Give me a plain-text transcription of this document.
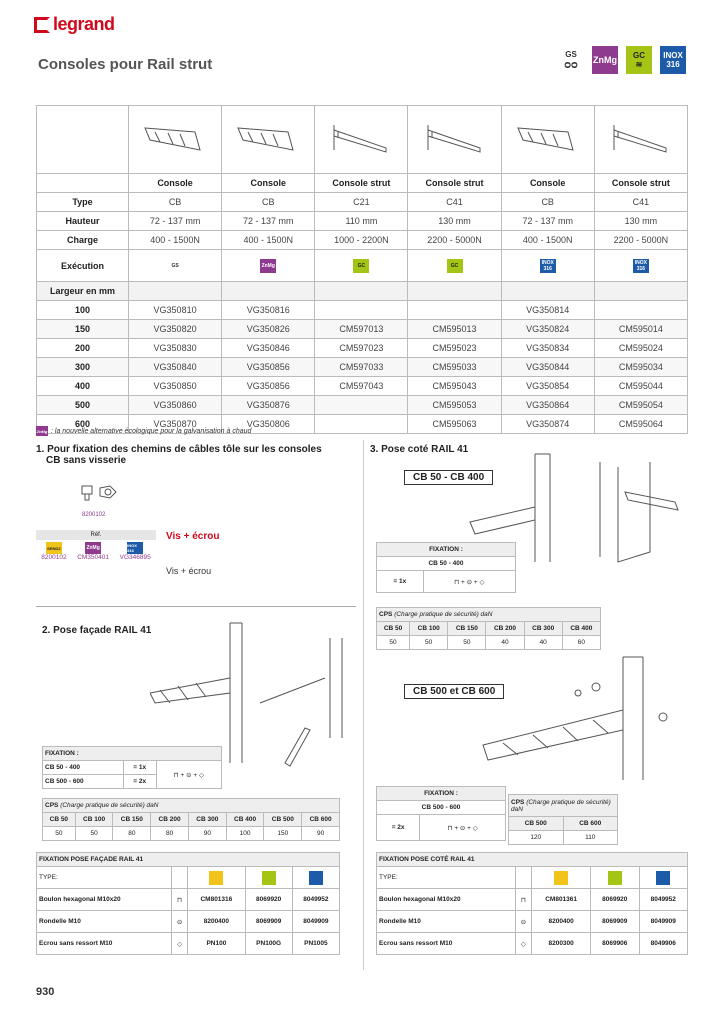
legrand
Consoles pour Rail strut
GS
ᴑᴑ ZnMg GC
≋
INOX
316

	Console	Console	Console strut	Console strut	Console	Console strut
Type	CB	CB	C21	C41	CB	C41
Hauteur	72 - 137 mm	72 - 137 mm	110 mm	130 mm	72 - 137 mm	130 mm
Charge	400 - 1500N	400 - 1500N	1000 - 2200N	2200 - 5000N	400 - 1500N	2200 - 5000N
Exécution	GS	ZnMg	GC	GC	INOX 316	INOX 316

Largeur en mm						
100	VG350810	VG350816			VG350814	
150	VG350820	VG350826	CM597013	CM595013	VG350824	CM595014
200	VG350830	VG350846	CM597023	CM595023	VG350834	CM595024
300	VG350840	VG350856	CM597033	CM595033	VG350844	CM595034
400	VG350850	VG350856	CM597043	CM595043	VG350854	CM595044
500	VG350860	VG350876		CM595053	VG350864	CM595054
600	VG350870	VG350806		CM595063	VG350874	CM595064
ZnMg : la nouvelle alternative écologique pour la galvanisation à chaud
1. Pour fixation des chemins de câbles tôle sur les consoles
CB sans visserie
8200102
Réf.
SENDZ
8200102
ZnMg
CM350401
INOX 316
VG346895
Vis + écrou
Vis + écrou
2. Pose façade RAIL 41
FIXATION :		
CB 50 - 400	= 1x	⊓ + ⊝ + ◇
CB 500 - 600	= 2x	
CPS (Charge pratique de sécurité) daN							
CB 50	CB 100	CB 150	CB 200	CB 300	CB 400	CB 500	CB 600
50	50	80	80	90	100	150	90
FIXATION POSE FAÇADE RAIL 41				
TYPE:		

Boulon hexagonal M10x20	⊓	CM801316	8069920	8049952
Rondelle M10	⊝	8200400	8069909	8049909
Ecrou sans ressort M10	◇	PN100	PN100G	PN1005
3. Pose coté RAIL 41
CB 50 - CB 400
FIXATION :
CB 50 - 400
= 1x	⊓ + ⊝ + ◇
CPS (Charge pratique de sécurité) daN					
CB 50	CB 100	CB 150	CB 200	CB 300	CB 400
50	50	50	40	40	60
CB 500 et CB 600
FIXATION :
CB 500 - 600
= 2x	⊓ + ⊝ + ◇
CPS (Charge pratique de sécurité) daN	
CB 500	CB 600
120	110
FIXATION POSE COTÉ RAIL 41				
TYPE:		

Boulon hexagonal M10x20	⊓	CM801361	8069920	8049952
Rondelle M10	⊝	8200400	8069909	8049909
Ecrou sans ressort M10	◇	8200300	8069906	8049906
930
